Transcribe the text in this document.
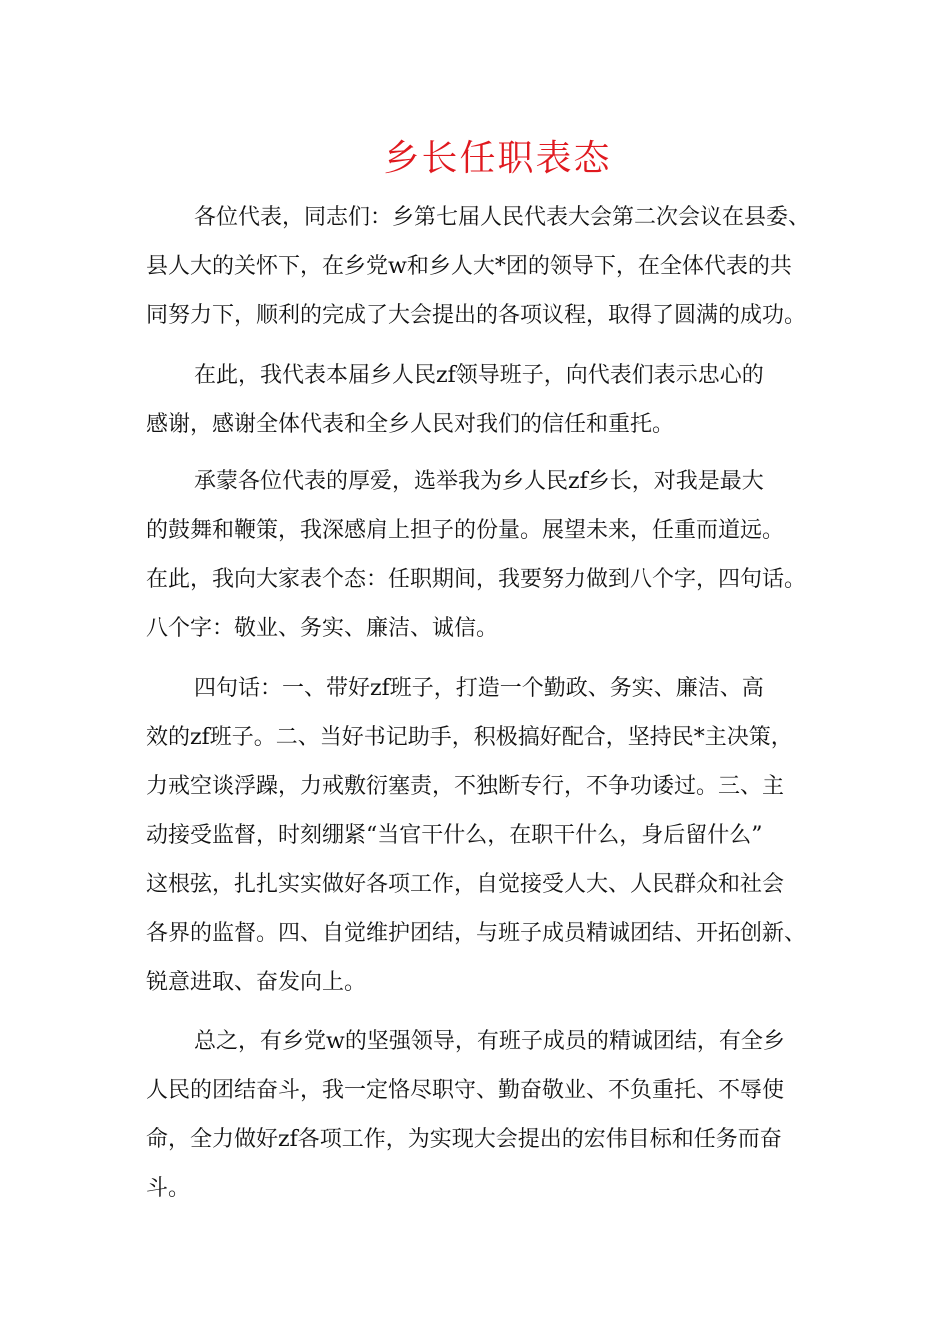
乡长任职表态
各位代表，同志们：乡第七届人民代表大会第二次会议在县委、
县人大的关怀下，在乡党w和乡人大*团的领导下，在全体代表的共
同努力下，顺利的完成了大会提出的各项议程，取得了圆满的成功。
在此，我代表本届乡人民zf领导班子，向代表们表示忠心的
感谢，感谢全体代表和全乡人民对我们的信任和重托。
承蒙各位代表的厚爱，选举我为乡人民zf乡长，对我是最大
的鼓舞和鞭策，我深感肩上担子的份量。展望未来，任重而道远。
在此，我向大家表个态：任职期间，我要努力做到八个字，四句话。
八个字：敬业、务实、廉洁、诚信。
四句话：一、带好zf班子，打造一个勤政、务实、廉洁、高
效的zf班子。二、当好书记助手，积极搞好配合，坚持民*主决策，
力戒空谈浮躁，力戒敷衍塞责，不独断专行，不争功诿过。三、主
动接受监督，时刻绷紧“当官干什么，在职干什么，身后留什么”
这根弦，扎扎实实做好各项工作，自觉接受人大、人民群众和社会
各界的监督。四、自觉维护团结，与班子成员精诚团结、开拓创新、
锐意进取、奋发向上。
总之，有乡党w的坚强领导，有班子成员的精诚团结，有全乡
人民的团结奋斗，我一定恪尽职守、勤奋敬业、不负重托、不辱使
命，全力做好zf各项工作，为实现大会提出的宏伟目标和任务而奋
斗。
